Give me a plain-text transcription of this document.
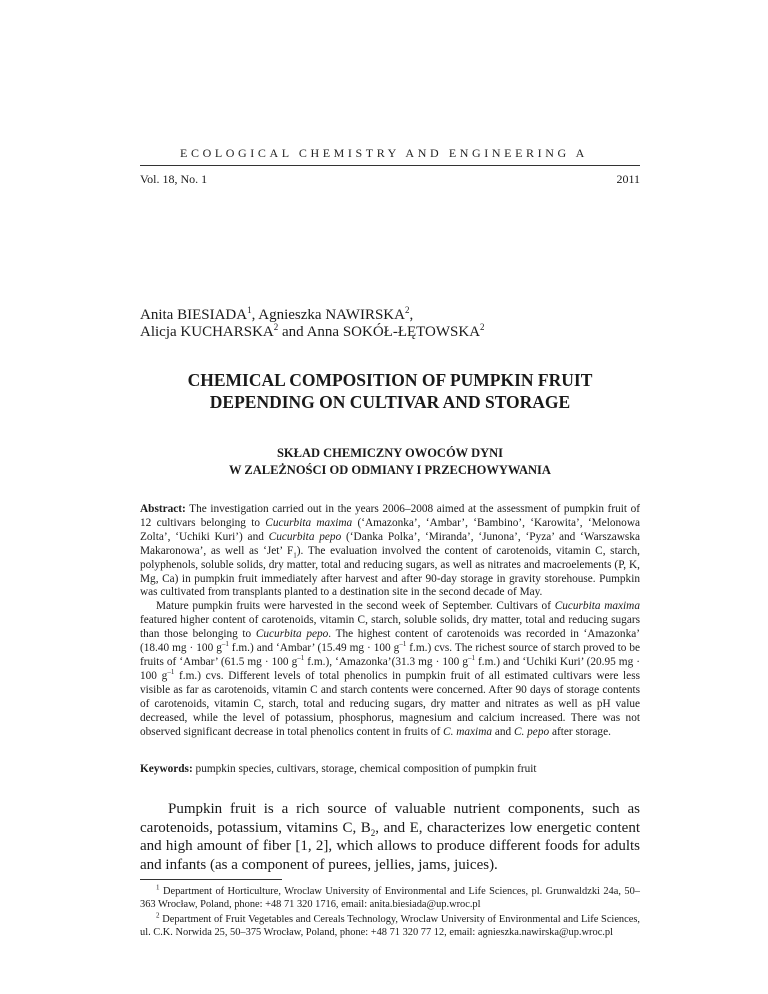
ECOLOGICAL CHEMISTRY AND ENGINEERING A
Vol. 18, No. 1	2011
Anita BIESIADA$^1$, Agnieszka NAWIRSKA$^2$,
Alicja KUCHARSKA$^2$ and Anna SOKÓŁ-ŁĘTOWSKA$^2$
CHEMICAL COMPOSITION OF PUMPKIN FRUIT
DEPENDING ON CULTIVAR AND STORAGE
SKŁAD CHEMICZNY OWOCÓW DYNI
W ZALEŻNOŚCI OD ODMIANY I PRZECHOWYWANIA

Abstract: The investigation carried out in the years 2006–2008 aimed at the assessment of pumpkin fruit of 12 cultivars belonging to Cucurbita maxima (‘Amazonka’, ‘Ambar’, ‘Bambino’, ‘Karowita’, ‘Melonowa Zolta’, ‘Uchiki Kuri’) and Cucurbita pepo (‘Danka Polka’, ‘Miranda’, ‘Junona’, ‘Pyza’ and ‘Warszawska Makaronowa’, as well as ‘Jet’ $F_1$). The evaluation involved the content of carotenoids, vitamin C, starch, polyphenols, soluble solids, dry matter, total and reducing sugars, as well as nitrates and macroelements (P, K, Mg, Ca) in pumpkin fruit immediately after harvest and after 90-day storage in gravity storehouse. Pumpkin was cultivated from transplants planted to a destination site in the second decade of May.

Mature pumpkin fruits were harvested in the second week of September. Cultivars of Cucurbita maxima featured higher content of carotenoids, vitamin C, starch, soluble solids, dry matter, total and reducing sugars than those belonging to Cucurbita pepo. The highest content of carotenoids was recorded in ‘Amazonka’ (18.40 mg · 100 $g^{-1}$ f.m.) and ‘Ambar’ (15.49 mg · 100 $g^{-1}$ f.m.) cvs. The richest source of starch proved to be fruits of ‘Ambar’ (61.5 mg · 100 $g^{-1}$ f.m.), ‘Amazonka’(31.3 mg · 100 $g^{-1}$ f.m.) and ‘Uchiki Kuri’ (20.95 mg · 100 $g^{-1}$ f.m.) cvs. Different levels of total phenolics in pumpkin fruit of all estimated cultivars were less visible as far as carotenoids, vitamin C and starch contents were concerned. After 90 days of storage contents of carotenoids, vitamin C, starch, total and reducing sugars, dry matter and nitrates as well as pH value decreased, while the level of potassium, phosphorus, magnesium and calcium increased. There was not observed significant decrease in total phenolics content in fruits of C. maxima and C. pepo after storage.

Keywords: pumpkin species, cultivars, storage, chemical composition of pumpkin fruit

Pumpkin fruit is a rich source of valuable nutrient components, such as carotenoids, potassium, vitamins C, $B_2$, and E, characterizes low energetic content and high amount of fiber [1, 2], which allows to produce different foods for adults and infants (as a component of purees, jellies, jams, juices).

$^1$ Department of Horticulture, Wroclaw University of Environmental and Life Sciences, pl. Grunwaldzki 24a, 50–363 Wrocław, Poland, phone: +48 71 320 1716, email: anita.biesiada@up.wroc.pl

$^2$ Department of Fruit Vegetables and Cereals Technology, Wroclaw University of Environmental and Life Sciences, ul. C.K. Norwida 25, 50–375 Wrocław, Poland, phone: +48 71 320 77 12, email: agnieszka.nawirska@up.wroc.pl
